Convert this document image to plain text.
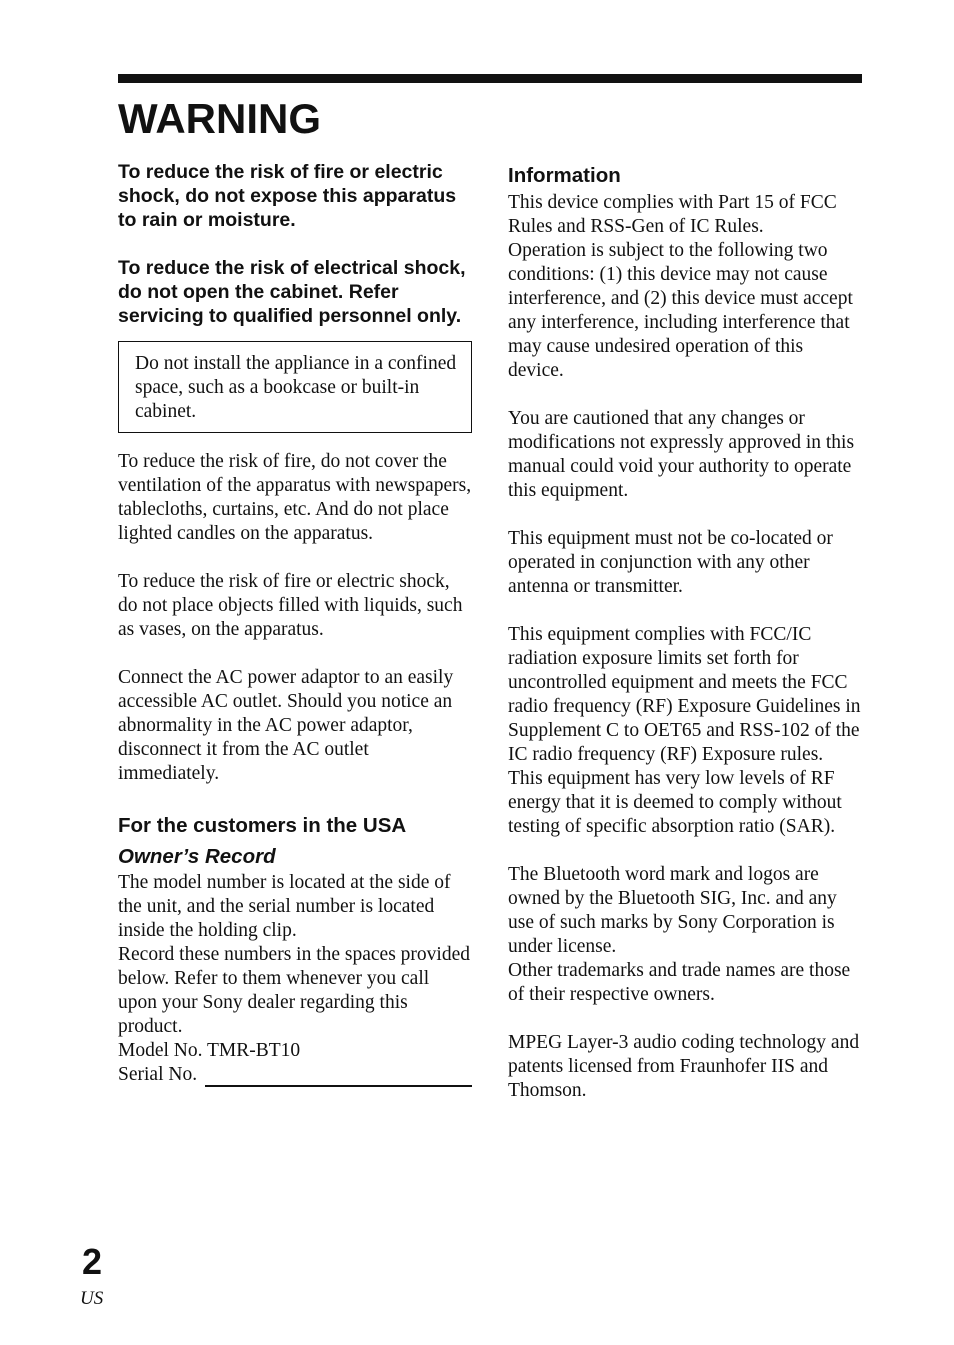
WARNING

To reduce the risk of fire or electric shock, do not expose this apparatus to rain or moisture.

To reduce the risk of electrical shock, do not open the cabinet. Refer servicing to qualified personnel only.

Do not install the appliance in a confined space, such as a bookcase or built-in cabinet.

To reduce the risk of fire, do not cover the ventilation of the apparatus with newspapers, tablecloths, curtains, etc. And do not place lighted candles on the apparatus.

To reduce the risk of fire or electric shock, do not place objects filled with liquids, such as vases, on the apparatus.

Connect the AC power adaptor to an easily accessible AC outlet. Should you notice an abnormality in the AC power adaptor, disconnect it from the AC outlet immediately.

For the customers in the USA
Owner’s Record

The model number is located at the side of the unit, and the serial number is located inside the holding clip.

Record these numbers in the spaces provided below. Refer to them whenever you call upon your Sony dealer regarding this product.

Model No. TMR-BT10

Serial No.
Information

This device complies with Part 15 of FCC Rules and RSS-Gen of IC Rules.

Operation is subject to the following two conditions: (1) this device may not cause interference, and (2) this device must accept any interference, including interference that may cause undesired operation of this device.

You are cautioned that any changes or modifications not expressly approved in this manual could void your authority to operate this equipment.

This equipment must not be co-located or operated in conjunction with any other antenna or transmitter.

This equipment complies with FCC/IC radiation exposure limits set forth for uncontrolled equipment and meets the FCC radio frequency (RF) Exposure Guidelines in Supplement C to OET65 and RSS-102 of the IC radio frequency (RF) Exposure rules. This equipment has very low levels of RF energy that it is deemed to comply without testing of specific absorption ratio (SAR).

The Bluetooth word mark and logos are owned by the Bluetooth SIG, Inc. and any use of such marks by Sony Corporation is under license.

Other trademarks and trade names are those of their respective owners.

MPEG Layer-3 audio coding technology and patents licensed from Fraunhofer IIS and Thomson.

2

US
